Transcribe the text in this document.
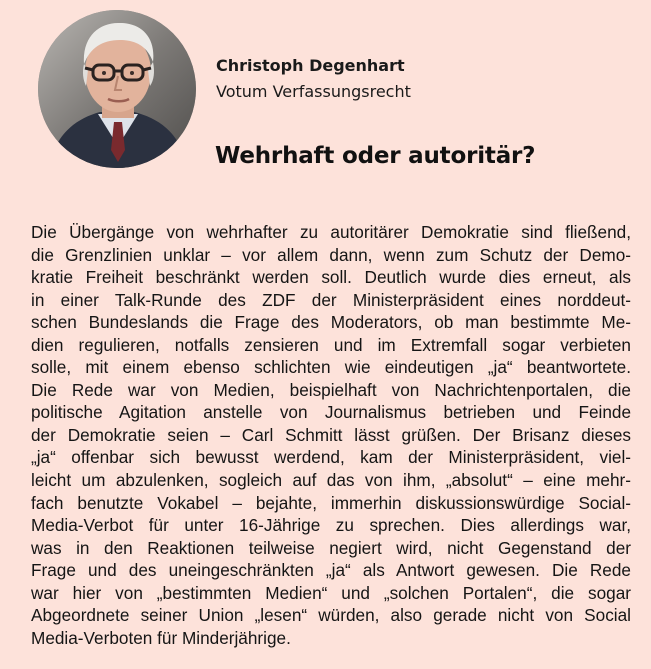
Christoph Degenhart
Votum Verfassungsrecht
Wehrhaft oder autoritär?
Die Übergänge von wehrhafter zu autoritärer Demokratie sind fließend,
die Grenzlinien unklar – vor allem dann, wenn zum Schutz der Demo-
kratie Freiheit beschränkt werden soll. Deutlich wurde dies erneut, als
in einer Talk-Runde des ZDF der Ministerpräsident eines norddeut-
schen Bundeslands die Frage des Moderators, ob man bestimmte Me-
dien regulieren, notfalls zensieren und im Extremfall sogar verbieten
solle, mit einem ebenso schlichten wie eindeutigen „ja“ beantwortete.
Die Rede war von Medien, beispielhaft von Nachrichtenportalen, die
politische Agitation anstelle von Journalismus betrieben und Feinde
der Demokratie seien – Carl Schmitt lässt grüßen. Der Brisanz dieses
„ja“ offenbar sich bewusst werdend, kam der Ministerpräsident, viel-
leicht um abzulenken, sogleich auf das von ihm, „absolut“ – eine mehr-
fach benutzte Vokabel – bejahte, immerhin diskussionswürdige Social-
Media-Verbot für unter 16-Jährige zu sprechen. Dies allerdings war,
was in den Reaktionen teilweise negiert wird, nicht Gegenstand der
Frage und des uneingeschränkten „ja“ als Antwort gewesen. Die Rede
war hier von „bestimmten Medien“ und „solchen Portalen“, die sogar
Abgeordnete seiner Union „lesen“ würden, also gerade nicht von Social
Media-Verboten für Minderjährige.
